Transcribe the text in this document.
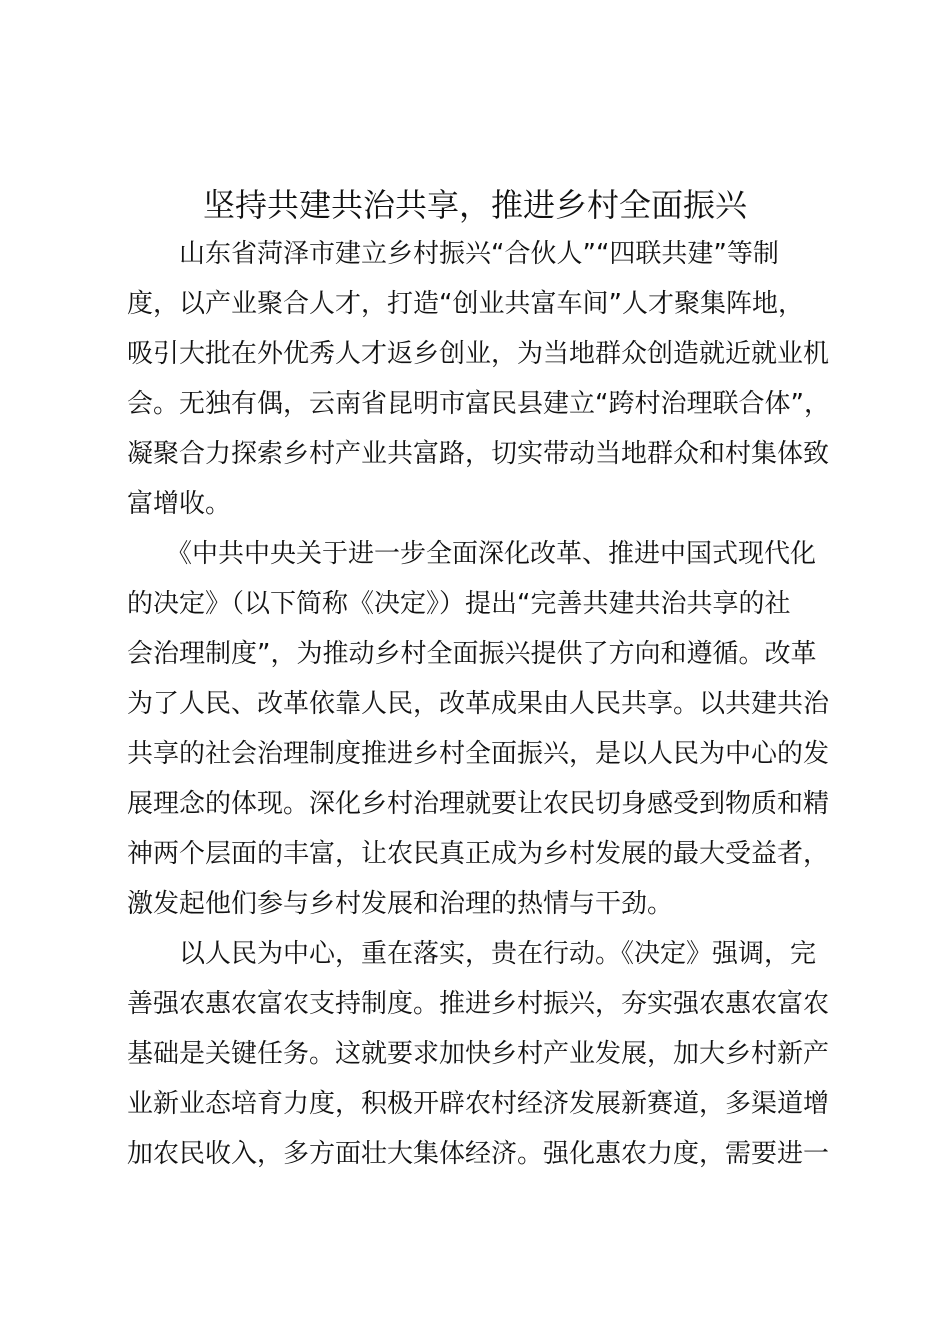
坚持共建共治共享，推进乡村全面振兴
　　山东省菏泽市建立乡村振兴“合伙人”“四联共建”等制
度，以产业聚合人才，打造“创业共富车间”人才聚集阵地，
吸引大批在外优秀人才返乡创业，为当地群众创造就近就业机
会。无独有偶，云南省昆明市富民县建立“跨村治理联合体”，
凝聚合力探索乡村产业共富路，切实带动当地群众和村集体致
富增收。
　　《中共中央关于进一步全面深化改革、推进中国式现代化
的决定》（以下简称《决定》）提出“完善共建共治共享的社
会治理制度”，为推动乡村全面振兴提供了方向和遵循。改革
为了人民、改革依靠人民，改革成果由人民共享。以共建共治
共享的社会治理制度推进乡村全面振兴，是以人民为中心的发
展理念的体现。深化乡村治理就要让农民切身感受到物质和精
神两个层面的丰富，让农民真正成为乡村发展的最大受益者，
激发起他们参与乡村发展和治理的热情与干劲。
　　以人民为中心，重在落实，贵在行动。《决定》强调，完
善强农惠农富农支持制度。推进乡村振兴，夯实强农惠农富农
基础是关键任务。这就要求加快乡村产业发展，加大乡村新产
业新业态培育力度，积极开辟农村经济发展新赛道，多渠道增
加农民收入，多方面壮大集体经济。强化惠农力度，需要进一
